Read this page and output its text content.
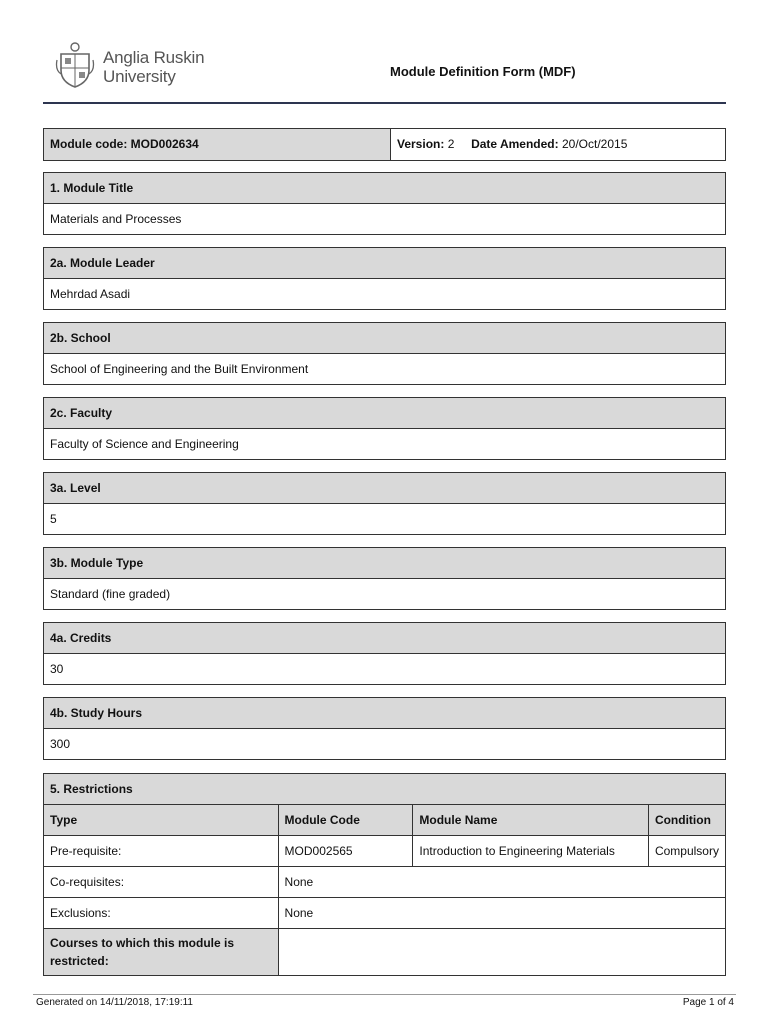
Anglia Ruskin
University	Module Definition Form (MDF)
Module code: MOD002634	Version: 2 Date Amended: 20/Oct/2015
1. Module Title
Materials and Processes
2a. Module Leader
Mehrdad Asadi
2b. School
School of Engineering and the Built Environment
2c. Faculty
Faculty of Science and Engineering
3a. Level
5
3b. Module Type
Standard (fine graded)
4a. Credits
30
4b. Study Hours
300
5. Restrictions			
Type	Module Code	Module Name	Condition
Pre-requisite:	MOD002565	Introduction to Engineering Materials	Compulsory
Co-requisites:	None		
Exclusions:	None		
Courses to which this module is restricted:			
Generated on 14/11/2018, 17:19:11	Page 1 of 4
